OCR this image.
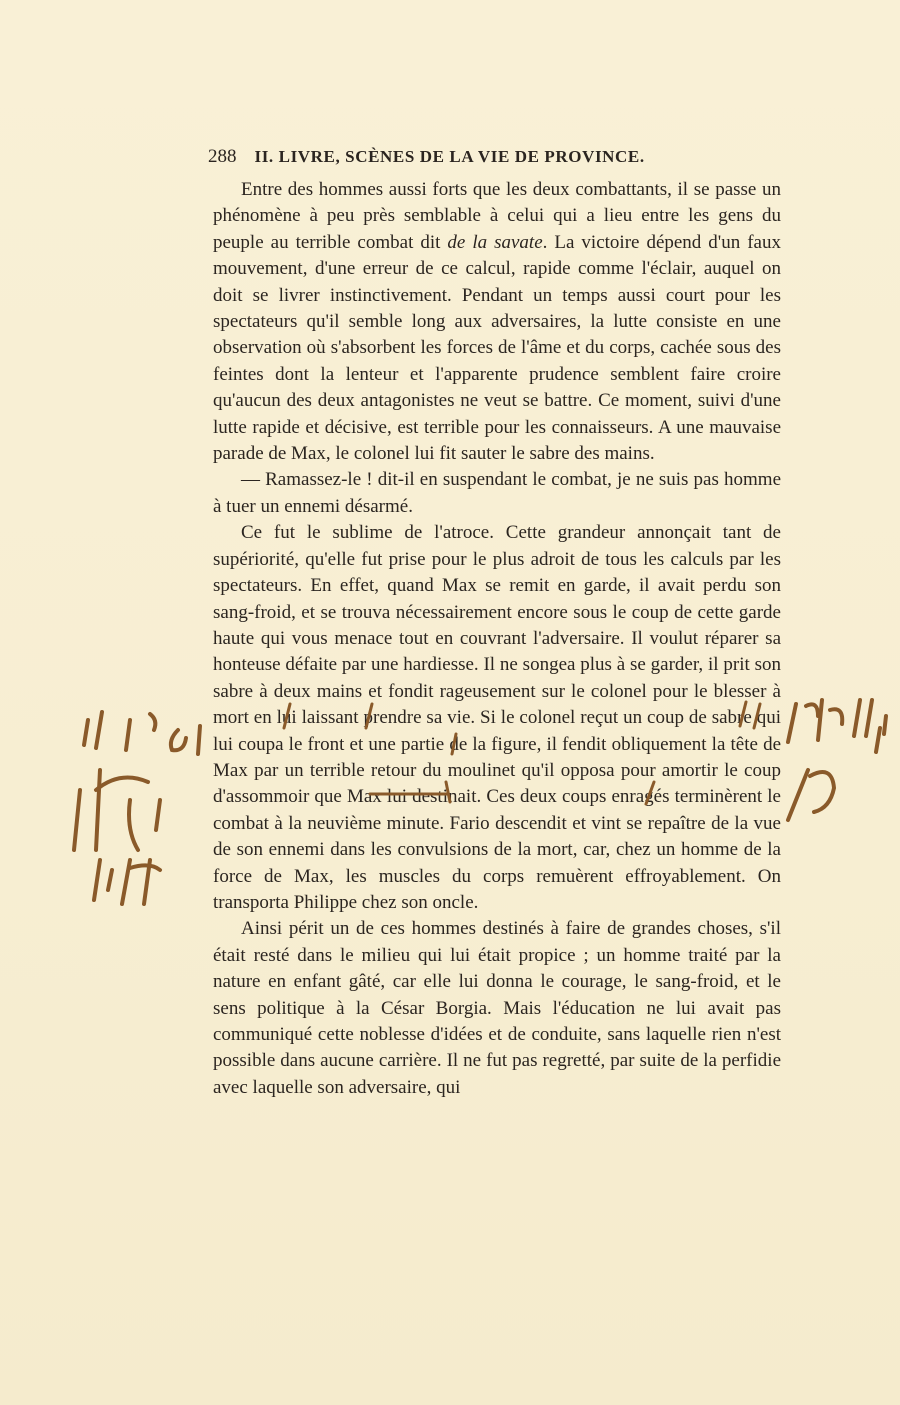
288 II. LIVRE, SCÈNES DE LA VIE DE PROVINCE.

Entre des hommes aussi forts que les deux combattants, il se passe un phénomène à peu près semblable à celui qui a lieu entre les gens du peuple au terrible combat dit de la savate. La victoire dépend d'un faux mouvement, d'une erreur de ce calcul, rapide comme l'éclair, auquel on doit se livrer instinctivement. Pendant un temps aussi court pour les spectateurs qu'il semble long aux adversaires, la lutte consiste en une observation où s'absorbent les forces de l'âme et du corps, cachée sous des feintes dont la lenteur et l'apparente prudence semblent faire croire qu'aucun des deux antagonistes ne veut se battre. Ce moment, suivi d'une lutte rapide et décisive, est terrible pour les connaisseurs. A une mauvaise parade de Max, le colonel lui fit sauter le sabre des mains.

— Ramassez-le ! dit-il en suspendant le combat, je ne suis pas homme à tuer un ennemi désarmé.

Ce fut le sublime de l'atroce. Cette grandeur annonçait tant de supériorité, qu'elle fut prise pour le plus adroit de tous les calculs par les spectateurs. En effet, quand Max se remit en garde, il avait perdu son sang-froid, et se trouva nécessairement encore sous le coup de cette garde haute qui vous menace tout en couvrant l'adversaire. Il voulut réparer sa honteuse défaite par une hardiesse. Il ne songea plus à se garder, il prit son sabre à deux mains et fondit rageusement sur le colonel pour le blesser à mort en lui laissant prendre sa vie. Si le colonel reçut un coup de sabre qui lui coupa le front et une partie de la figure, il fendit obliquement la tête de Max par un terrible retour du moulinet qu'il opposa pour amortir le coup d'assommoir que Max lui destinait. Ces deux coups enragés terminèrent le combat à la neuvième minute. Fario descendit et vint se repaître de la vue de son ennemi dans les convulsions de la mort, car, chez un homme de la force de Max, les muscles du corps remuèrent effroyablement. On transporta Philippe chez son oncle.

Ainsi périt un de ces hommes destinés à faire de grandes choses, s'il était resté dans le milieu qui lui était propice ; un homme traité par la nature en enfant gâté, car elle lui donna le courage, le sang-froid, et le sens politique à la César Borgia. Mais l'éducation ne lui avait pas communiqué cette noblesse d'idées et de conduite, sans laquelle rien n'est possible dans aucune carrière. Il ne fut pas regretté, par suite de la perfidie avec laquelle son adversaire, qui
